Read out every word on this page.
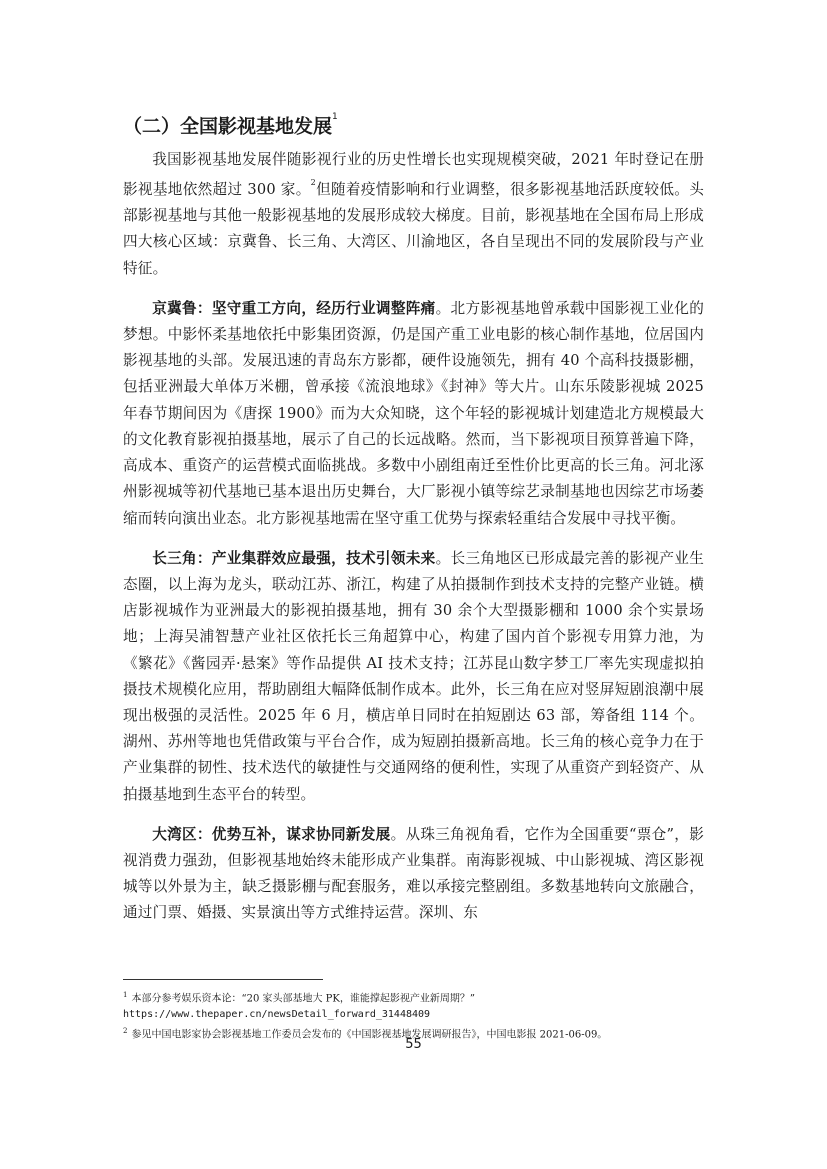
（二）全国影视基地发展$^1$

我国影视基地发展伴随影视行业的历史性增长也实现规模突破，2021 年时登记在册影视基地依然超过 300 家。$^2$但随着疫情影响和行业调整，很多影视基地活跃度较低。头部影视基地与其他一般影视基地的发展形成较大梯度。目前，影视基地在全国布局上形成四大核心区域：京冀鲁、长三角、大湾区、川渝地区，各自呈现出不同的发展阶段与产业特征。

京冀鲁：坚守重工方向，经历行业调整阵痛。北方影视基地曾承载中国影视工业化的梦想。中影怀柔基地依托中影集团资源，仍是国产重工业电影的核心制作基地，位居国内影视基地的头部。发展迅速的青岛东方影都，硬件设施领先，拥有 40 个高科技摄影棚，包括亚洲最大单体万米棚，曾承接《流浪地球》《封神》等大片。山东乐陵影视城 2025 年春节期间因为《唐探 1900》而为大众知晓，这个年轻的影视城计划建造北方规模最大的文化教育影视拍摄基地，展示了自己的长远战略。然而，当下影视项目预算普遍下降，高成本、重资产的运营模式面临挑战。多数中小剧组南迁至性价比更高的长三角。河北涿州影视城等初代基地已基本退出历史舞台，大厂影视小镇等综艺录制基地也因综艺市场萎缩而转向演出业态。北方影视基地需在坚守重工优势与探索轻重结合发展中寻找平衡。

长三角：产业集群效应最强，技术引领未来。长三角地区已形成最完善的影视产业生态圈，以上海为龙头，联动江苏、浙江，构建了从拍摄制作到技术支持的完整产业链。横店影视城作为亚洲最大的影视拍摄基地，拥有 30 余个大型摄影棚和 1000 余个实景场地；上海吴浦智慧产业社区依托长三角超算中心，构建了国内首个影视专用算力池，为《繁花》《酱园弄·悬案》等作品提供 AI 技术支持；江苏昆山数字梦工厂率先实现虚拟拍摄技术规模化应用，帮助剧组大幅降低制作成本。此外，长三角在应对竖屏短剧浪潮中展现出极强的灵活性。2025 年 6 月，横店单日同时在拍短剧达 63 部，筹备组 114 个。湖州、苏州等地也凭借政策与平台合作，成为短剧拍摄新高地。长三角的核心竞争力在于产业集群的韧性、技术迭代的敏捷性与交通网络的便利性，实现了从重资产到轻资产、从拍摄基地到生态平台的转型。

大湾区：优势互补，谋求协同新发展。从珠三角视角看，它作为全国重要“票仓”，影视消费力强劲，但影视基地始终未能形成产业集群。南海影视城、中山影视城、湾区影视城等以外景为主，缺乏摄影棚与配套服务，难以承接完整剧组。多数基地转向文旅融合，通过门票、婚摄、实景演出等方式维持运营。深圳、东

$^1$ 本部分参考娱乐资本论：“20 家头部基地大 PK，谁能撑起影视产业新周期？”
https://www.thepaper.cn/newsDetail_forward_31448409
$^2$ 参见中国电影家协会影视基地工作委员会发布的《中国影视基地发展调研报告》，中国电影报 2021-06-09。
55
